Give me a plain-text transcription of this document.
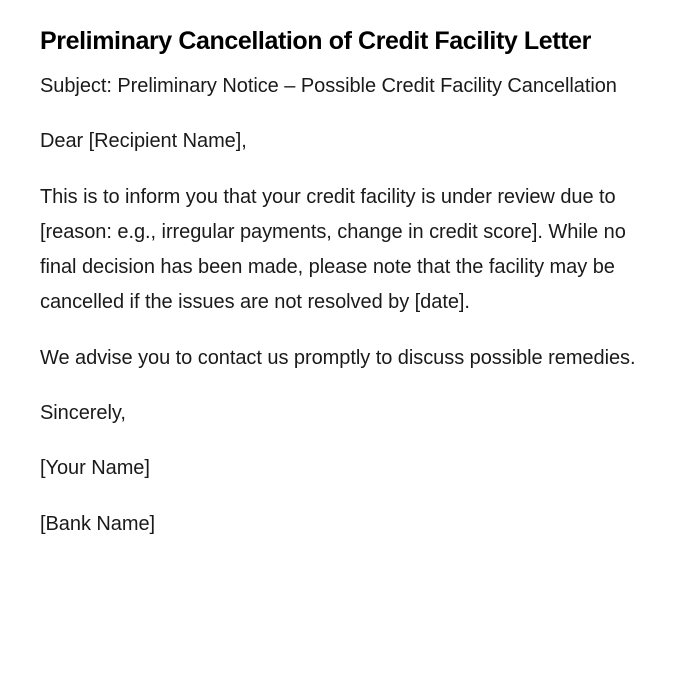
Preliminary Cancellation of Credit Facility Letter

Subject: Preliminary Notice – Possible Credit Facility Cancellation

Dear [Recipient Name],

This is to inform you that your credit facility is under review due to [reason: e.g., irregular payments, change in credit score]. While no final decision has been made, please note that the facility may be cancelled if the issues are not resolved by [date].

We advise you to contact us promptly to discuss possible remedies.

Sincerely,

[Your Name]

[Bank Name]
